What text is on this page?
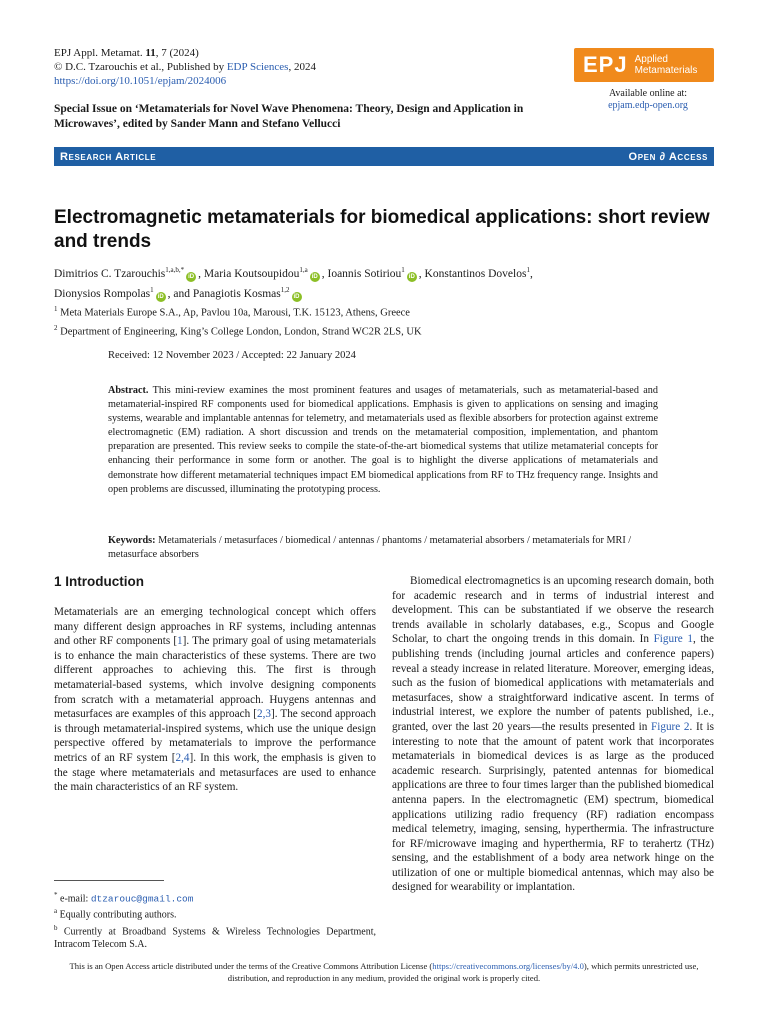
EPJ Appl. Metamat. 11, 7 (2024)
© D.C. Tzarouchis et al., Published by EDP Sciences, 2024
https://doi.org/10.1051/epjam/2024006
EPJ Applied
Metamaterials
Available online at:
epjam.edp-open.org
Special Issue on ‘Metamaterials for Novel Wave Phenomena: Theory, Design and Application in Microwaves’, edited by Sander Mann and Stefano Vellucci
Research Article	Open ∂ Access
Electromagnetic metamaterials for biomedical applications: short review and trends
Dimitrios C. Tzarouchis$^{1,a,b,*}$iD , Maria Koutsoupidou$^{1,a}$iD , Ioannis Sotiriou$^1$iD , Konstantinos Dovelos$^1$,
Dionysios Rompolas$^1$iD , and Panagiotis Kosmas$^{1,2}$iD
$^1$ Meta Materials Europe S.A., Ap, Pavlou 10a, Marousi, T.K. 15123, Athens, Greece
$^2$ Department of Engineering, King’s College London, London, Strand WC2R 2LS, UK
Received: 12 November 2023 / Accepted: 22 January 2024
Abstract. This mini-review examines the most prominent features and usages of metamaterials, such as metamaterial-based and metamaterial-inspired RF components used for biomedical applications. Emphasis is given to applications on sensing and imaging systems, wearable and implantable antennas for telemetry, and metamaterials used as flexible absorbers for protection against extreme electromagnetic (EM) radiation. A short discussion and trends on the metamaterial composition, implementation, and phantom preparation are presented. This review seeks to compile the state-of-the-art biomedical systems that utilize metamaterial concepts for enhancing their performance in some form or another. The goal is to highlight the diverse applications of metamaterials and demonstrate how different metamaterial techniques impact EM biomedical applications from RF to THz frequency range. Insights and open problems are discussed, illuminating the prototyping process.
Keywords: Metamaterials / metasurfaces / biomedical / antennas / phantoms / metamaterial absorbers / metamaterials for MRI / metasurface absorbers
1 Introduction
Metamaterials are an emerging technological concept which offers many different design approaches in RF systems, including antennas and other RF components [1]. The primary goal of using metamaterials is to enhance the main characteristics of these systems. There are two different approaches to achieving this. The first is through metamaterial-based systems, which involve designing components from scratch with a metamaterial approach. Huygens antennas and metasurfaces are examples of this approach [2,3]. The second approach is through metamaterial-inspired systems, which use the unique design perspective offered by metamaterials to improve the performance metrics of an RF system [2,4]. In this work, the emphasis is given to the stage where metamaterials and metasurfaces are used to enhance the main characteristics of an RF system.
Biomedical electromagnetics is an upcoming research domain, both for academic research and in terms of industrial interest and development. This can be substantiated if we observe the research trends available in scholarly databases, e.g., Scopus and Google Scholar, to chart the ongoing trends in this domain. In Figure 1, the publishing trends (including journal articles and conference papers) reveal a steady increase in related literature. Moreover, emerging ideas, such as the fusion of biomedical applications with metamaterials and metasurfaces, show a straightforward indicative ascent. In terms of industrial interest, we explore the number of patents published, i.e., granted, over the last 20 years—the results presented in Figure 2. It is interesting to note that the amount of patent work that incorporates metamaterials in biomedical devices is as large as the produced academic research. Surprisingly, patented antennas for biomedical applications are three to four times larger than the published biomedical antenna papers. In the electromagnetic (EM) spectrum, biomedical applications utilizing radio frequency (RF) radiation encompass medical telemetry, imaging, sensing, hyperthermia. The infrastructure for RF/microwave imaging and hyperthermia, RF to terahertz (THz) sensing, and the establishment of a body area network hinge on the utilization of one or multiple biomedical antennas, which may also be designed for wearability or implantation.
* e-mail: dtzarouc@gmail.com
$^a$ Equally contributing authors.
$^b$ Currently at Broadband Systems & Wireless Technologies Department, Intracom Telecom S.A.
This is an Open Access article distributed under the terms of the Creative Commons Attribution License (https://creativecommons.org/licenses/by/4.0), which permits unrestricted use, distribution, and reproduction in any medium, provided the original work is properly cited.
